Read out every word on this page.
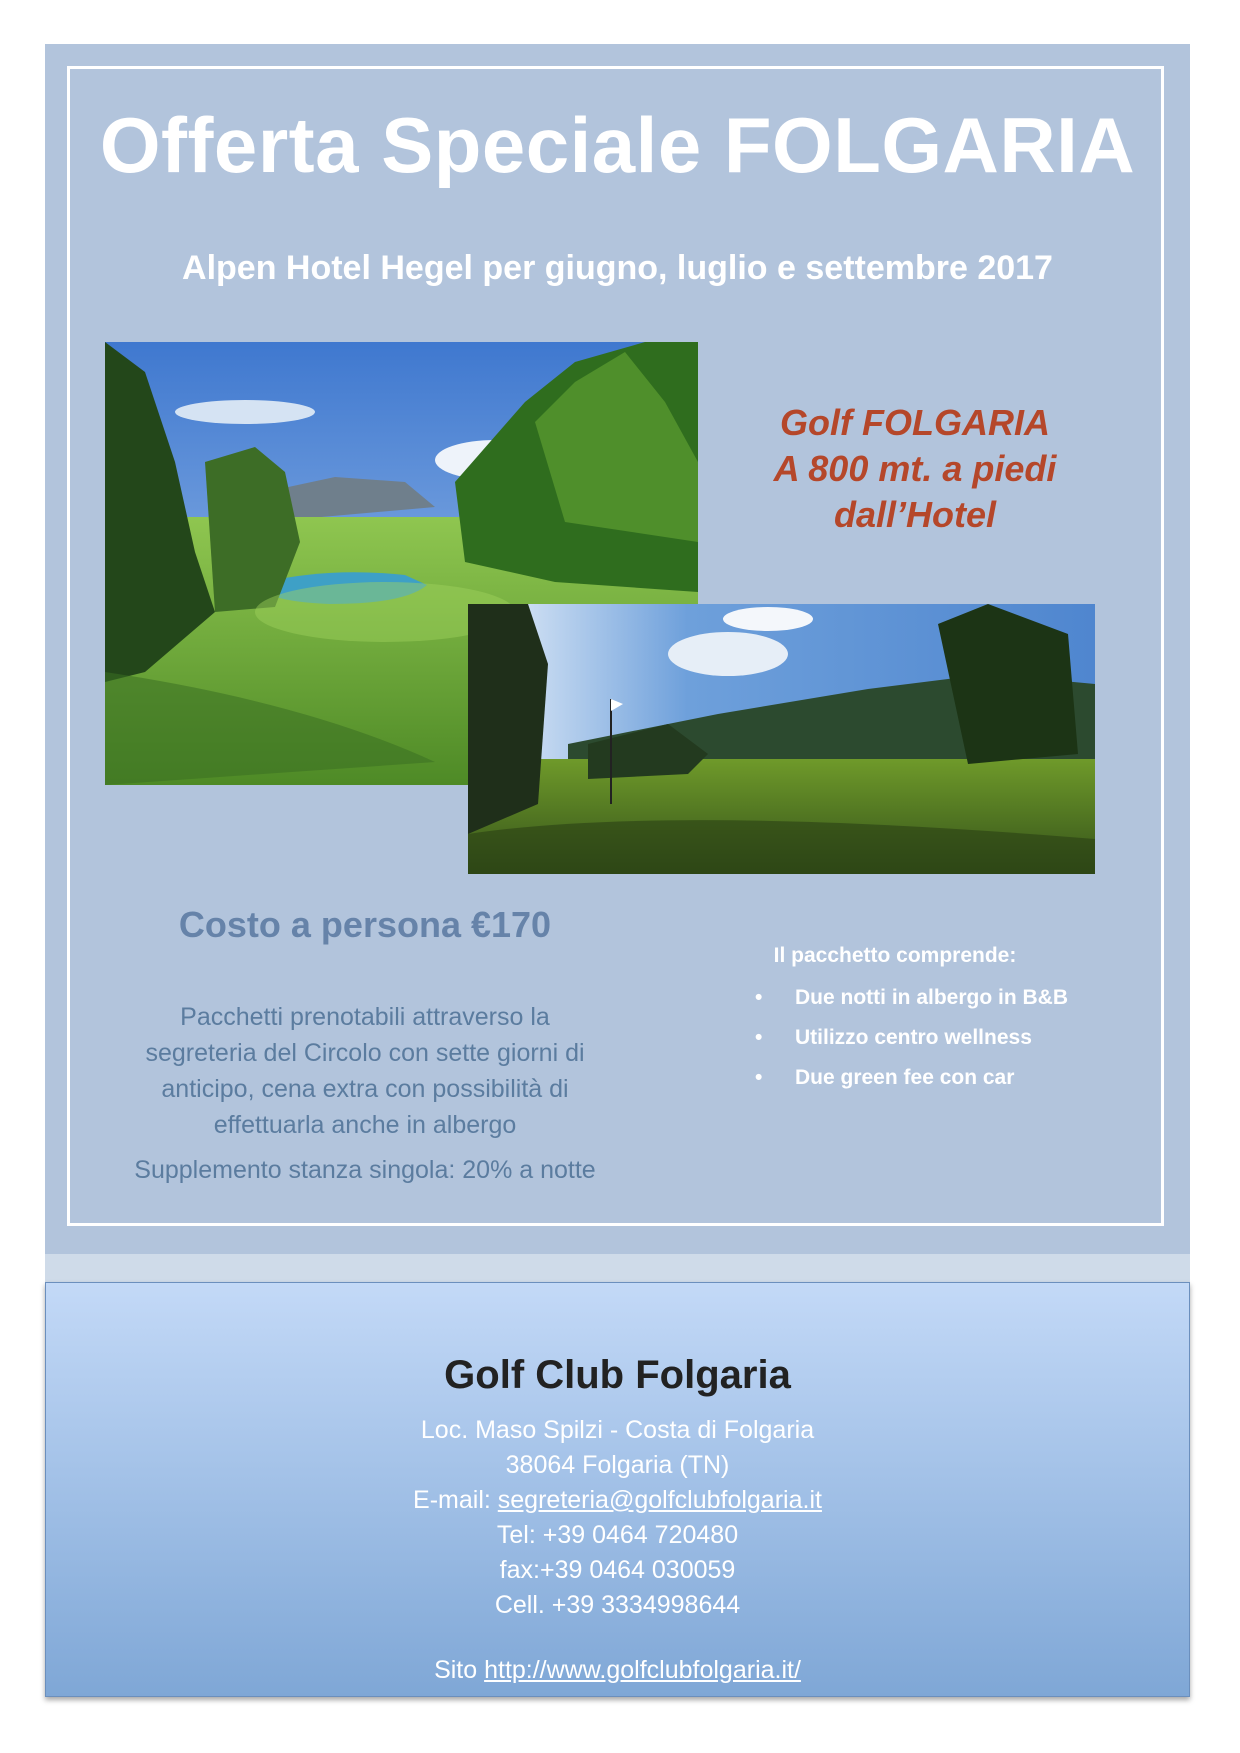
Offerta Speciale FOLGARIA
Alpen Hotel Hegel per giugno, luglio e settembre 2017
Golf FOLGARIA
A 800 mt. a piedi
dall’Hotel
Costo a persona €170
Pacchetti prenotabili attraverso la
segreteria del Circolo con sette giorni di
anticipo, cena extra con possibilità di
effettuarla anche in albergo
Supplemento stanza singola: 20% a notte
Il pacchetto comprende:
• Due notti in albergo in B&B
• Utilizzo centro wellness
• Due green fee con car
Golf Club Folgaria
Loc. Maso Spilzi - Costa di Folgaria
38064 Folgaria (TN)
E-mail: segreteria@golfclubfolgaria.it
Tel: +39 0464 720480
fax:+39 0464 030059
Cell. +39 3334998644
Sito http://www.golfclubfolgaria.it/
